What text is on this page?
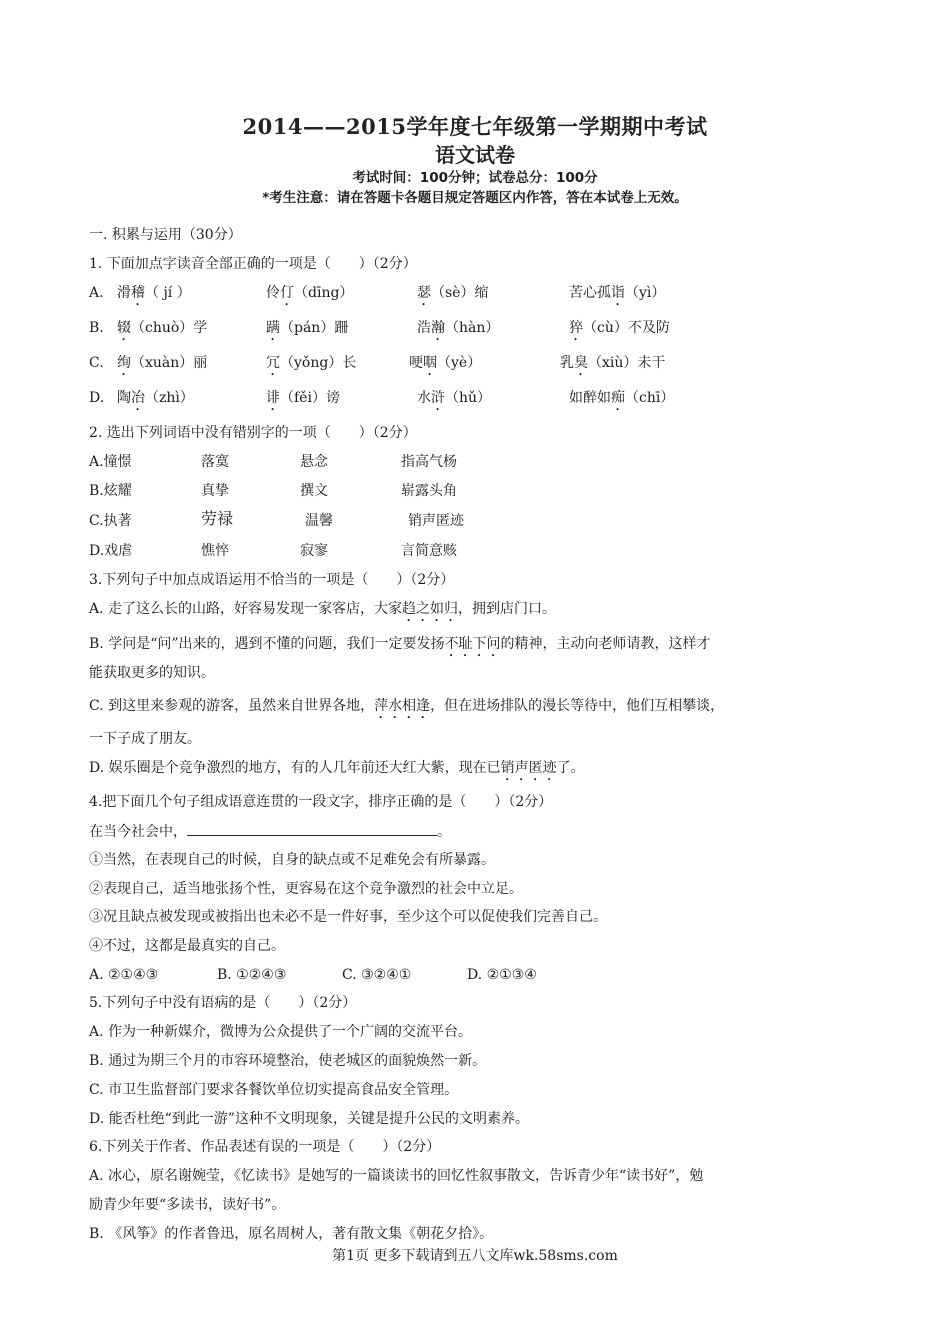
2014——2015学年度七年级第一学期期中考试
语文试卷
考试时间：100分钟；试卷总分：100分
*考生注意：请在答题卡各题目规定答题区内作答，答在本试卷上无效。
一. 积累与运用（30分）
1. 下面加点字读音全部正确的一项是（　　）（2分）
A. 滑稽（ jí ）	伶仃（dīng）	瑟（sè）缩	苦心孤诣（yì）
B. 辍（chuò）学	蹒（pán）跚	浩瀚（hàn）	猝（cù）不及防
C. 绚（xuàn）丽	冗（yǒng）长	哽咽（yè）	乳臭（xiù）未干
D. 陶冶（zhì）	诽（fěi）谤	水浒（hǔ）	如醉如痴（chī）
2. 选出下列词语中没有错别字的一项（　　）（2分）
A.憧憬	落寞	悬念	指高气杨
B.炫耀	真挚	撰文	崭露头角
C.执著	劳禄	温馨	销声匿迹
D.戏虐	憔悴	寂寥	言简意赅
3.下列句子中加点成语运用不恰当的一项是（　　）（2分）
A. 走了这么长的山路，好容易发现一家客店，大家趋之如归，拥到店门口。
B. 学问是“问”出来的，遇到不懂的问题，我们一定要发扬不耻下问的精神，主动向老师请教，这样才
能获取更多的知识。
C. 到这里来参观的游客，虽然来自世界各地，萍水相逢，但在进场排队的漫长等待中，他们互相攀谈，
一下子成了朋友。
D. 娱乐圈是个竞争激烈的地方，有的人几年前还大红大紫，现在已销声匿迹了。
4.把下面几个句子组成语意连贯的一段文字，排序正确的是（　　）（2分）
在当今社会中，	。
①当然，在表现自己的时候，自身的缺点或不足难免会有所暴露。
②表现自己，适当地张扬个性，更容易在这个竞争激烈的社会中立足。
③况且缺点被发现或被指出也未必不是一件好事，至少这个可以促使我们完善自己。
④不过，这都是最真实的自己。
A. ②①④③	B. ①②④③	C. ③②④①	D. ②①③④
5.下列句子中没有语病的是（　　）（2分）
A. 作为一种新媒介，微博为公众提供了一个广阔的交流平台。
B. 通过为期三个月的市容环境整治，使老城区的面貌焕然一新。
C. 市卫生监督部门要求各餐饮单位切实提高食品安全管理。
D. 能否杜绝“到此一游”这种不文明现象，关键是提升公民的文明素养。
6.下列关于作者、作品表述有误的一项是（　　）（2分）
A. 冰心，原名谢婉莹，《忆读书》是她写的一篇谈读书的回忆性叙事散文，告诉青少年“读书好”，勉
励青少年要“多读书，读好书”。
B. 《风筝》的作者鲁迅，原名周树人，著有散文集《朝花夕拾》。
第1页 更多下载请到五八文库wk.58sms.com
